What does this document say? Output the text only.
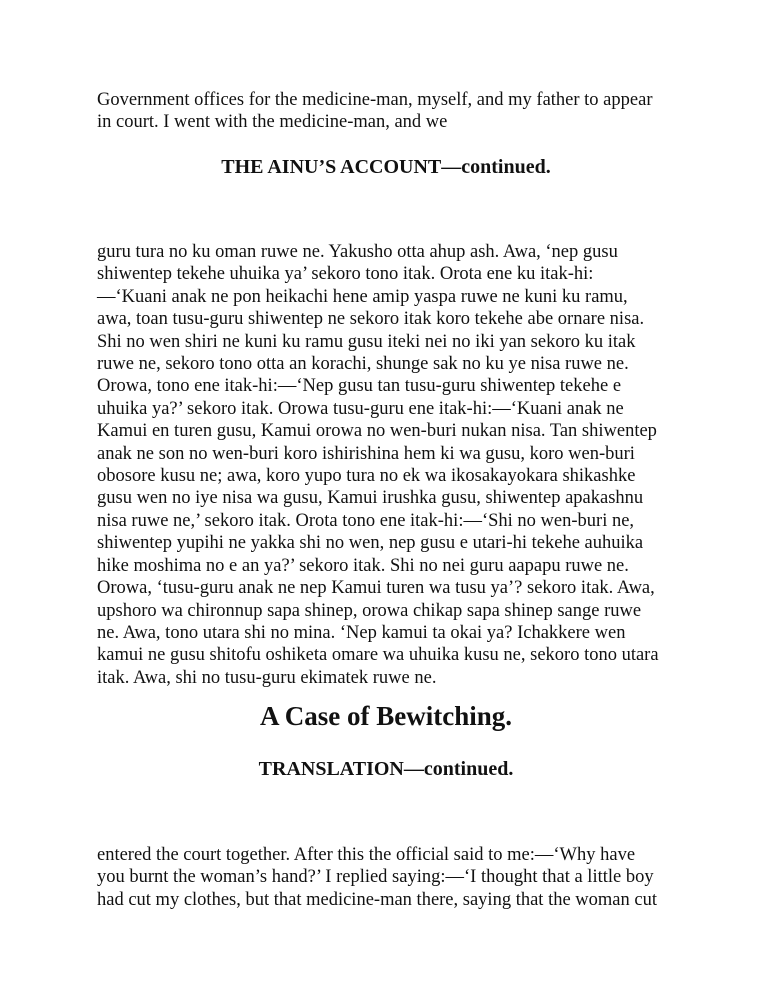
Government offices for the medicine-man, myself, and my father to appear
in court. I went with the medicine-man, and we

THE AINU’S ACCOUNT—continued.

guru tura no ku oman ruwe ne. Yakusho otta ahup ash. Awa, ‘nep gusu
shiwentep tekehe uhuika ya’ sekoro tono itak. Orota ene ku itak-hi:
—‘Kuani anak ne pon heikachi hene amip yaspa ruwe ne kuni ku ramu,
awa, toan tusu-guru shiwentep ne sekoro itak koro tekehe abe ornare nisa.
Shi no wen shiri ne kuni ku ramu gusu iteki nei no iki yan sekoro ku itak
ruwe ne, sekoro tono otta an korachi, shunge sak no ku ye nisa ruwe ne.
Orowa, tono ene itak-hi:—‘Nep gusu tan tusu-guru shiwentep tekehe e
uhuika ya?’ sekoro itak. Orowa tusu-guru ene itak-hi:—‘Kuani anak ne
Kamui en turen gusu, Kamui orowa no wen-buri nukan nisa. Tan shiwentep
anak ne son no wen-buri koro ishirishina hem ki wa gusu, koro wen-buri
obosore kusu ne; awa, koro yupo tura no ek wa ikosakayokara shikashke
gusu wen no iye nisa wa gusu, Kamui irushka gusu, shiwentep apakashnu
nisa ruwe ne,’ sekoro itak. Orota tono ene itak-hi:—‘Shi no wen-buri ne,
shiwentep yupihi ne yakka shi no wen, nep gusu e utari-hi tekehe auhuika
hike moshima no e an ya?’ sekoro itak. Shi no nei guru aapapu ruwe ne.
Orowa, ‘tusu-guru anak ne nep Kamui turen wa tusu ya’? sekoro itak. Awa,
upshoro wa chironnup sapa shinep, orowa chikap sapa shinep sange ruwe
ne. Awa, tono utara shi no mina. ‘Nep kamui ta okai ya? Ichakkere wen
kamui ne gusu shitofu oshiketa omare wa uhuika kusu ne, sekoro tono utara
itak. Awa, shi no tusu-guru ekimatek ruwe ne.

A Case of Bewitching.
TRANSLATION—continued.

entered the court together. After this the official said to me:—‘Why have
you burnt the woman’s hand?’ I replied saying:—‘I thought that a little boy
had cut my clothes, but that medicine-man there, saying that the woman cut
